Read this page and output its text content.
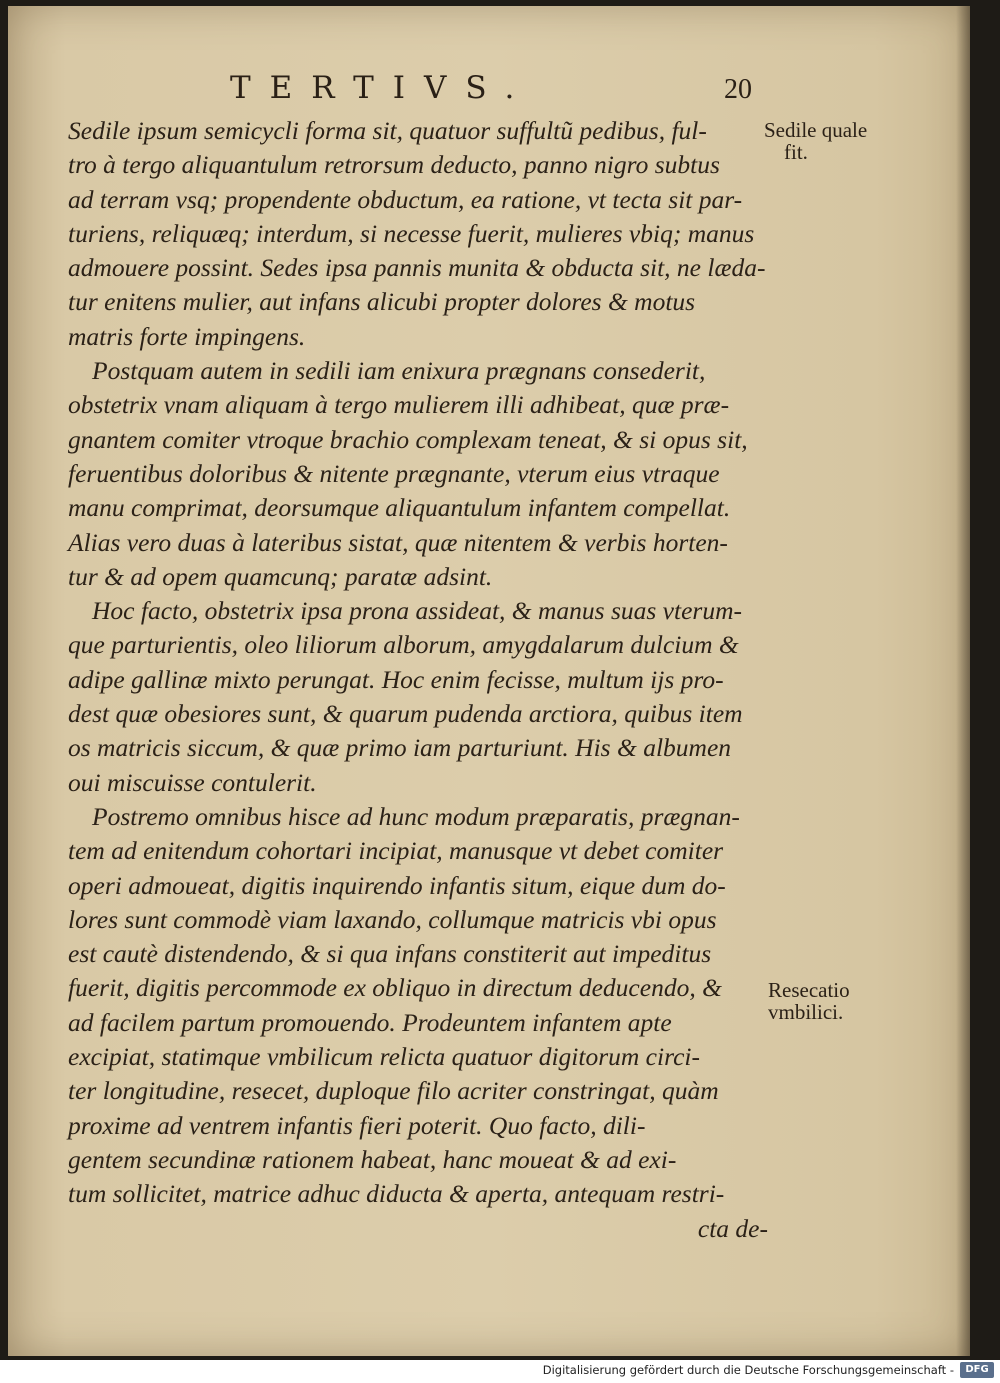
TERTIVS.	20
Sedile ipsum semicycli forma sit, quatuor suffultũ pedibus, ful-
tro à tergo aliquantulum retrorsum deducto, panno nigro subtus
ad terram vsq; propendente obductum, ea ratione, vt tecta sit par-
turiens, reliquæq; interdum, si necesse fuerit, mulieres vbiq; manus
admouere possint. Sedes ipsa pannis munita & obducta sit, ne læda-
tur enitens mulier, aut infans alicubi propter dolores & motus
matris forte impingens.
Postquam autem in sedili iam enixura prægnans consederit,
obstetrix vnam aliquam à tergo mulierem illi adhibeat, quæ præ-
gnantem comiter vtroque brachio complexam teneat, & si opus sit,
feruentibus doloribus & nitente prægnante, vterum eius vtraque
manu comprimat, deorsumque aliquantulum infantem compellat.
Alias vero duas à lateribus sistat, quæ nitentem & verbis horten-
tur & ad opem quamcunq; paratæ adsint.
Hoc facto, obstetrix ipsa prona assideat, & manus suas vterum-
que parturientis, oleo liliorum alborum, amygdalarum dulcium &
adipe gallinæ mixto perungat. Hoc enim fecisse, multum ijs pro-
dest quæ obesiores sunt, & quarum pudenda arctiora, quibus item
os matricis siccum, & quæ primo iam parturiunt. His & albumen
oui miscuisse contulerit.
Postremo omnibus hisce ad hunc modum præparatis, prægnan-
tem ad enitendum cohortari incipiat, manusque vt debet comiter
operi admoueat, digitis inquirendo infantis situm, eique dum do-
lores sunt commodè viam laxando, collumque matricis vbi opus
est cautè distendendo, & si qua infans constiterit aut impeditus
fuerit, digitis percommode ex obliquo in directum deducendo, &
ad facilem partum promouendo. Prodeuntem infantem apte
excipiat, statimque vmbilicum relicta quatuor digitorum circi-
ter longitudine, resecet, duploque filo acriter constringat, quàm
proxime ad ventrem infantis fieri poterit. Quo facto, dili-
gentem secundinæ rationem habeat, hanc moueat & ad exi-
tum sollicitet, matrice adhuc diducta & aperta, antequam restri-
cta de-
Sedile quale
fit.
Resecatio
vmbilici.
Digitalisierung gefördert durch die Deutsche Forschungsgemeinschaft -	DFG
